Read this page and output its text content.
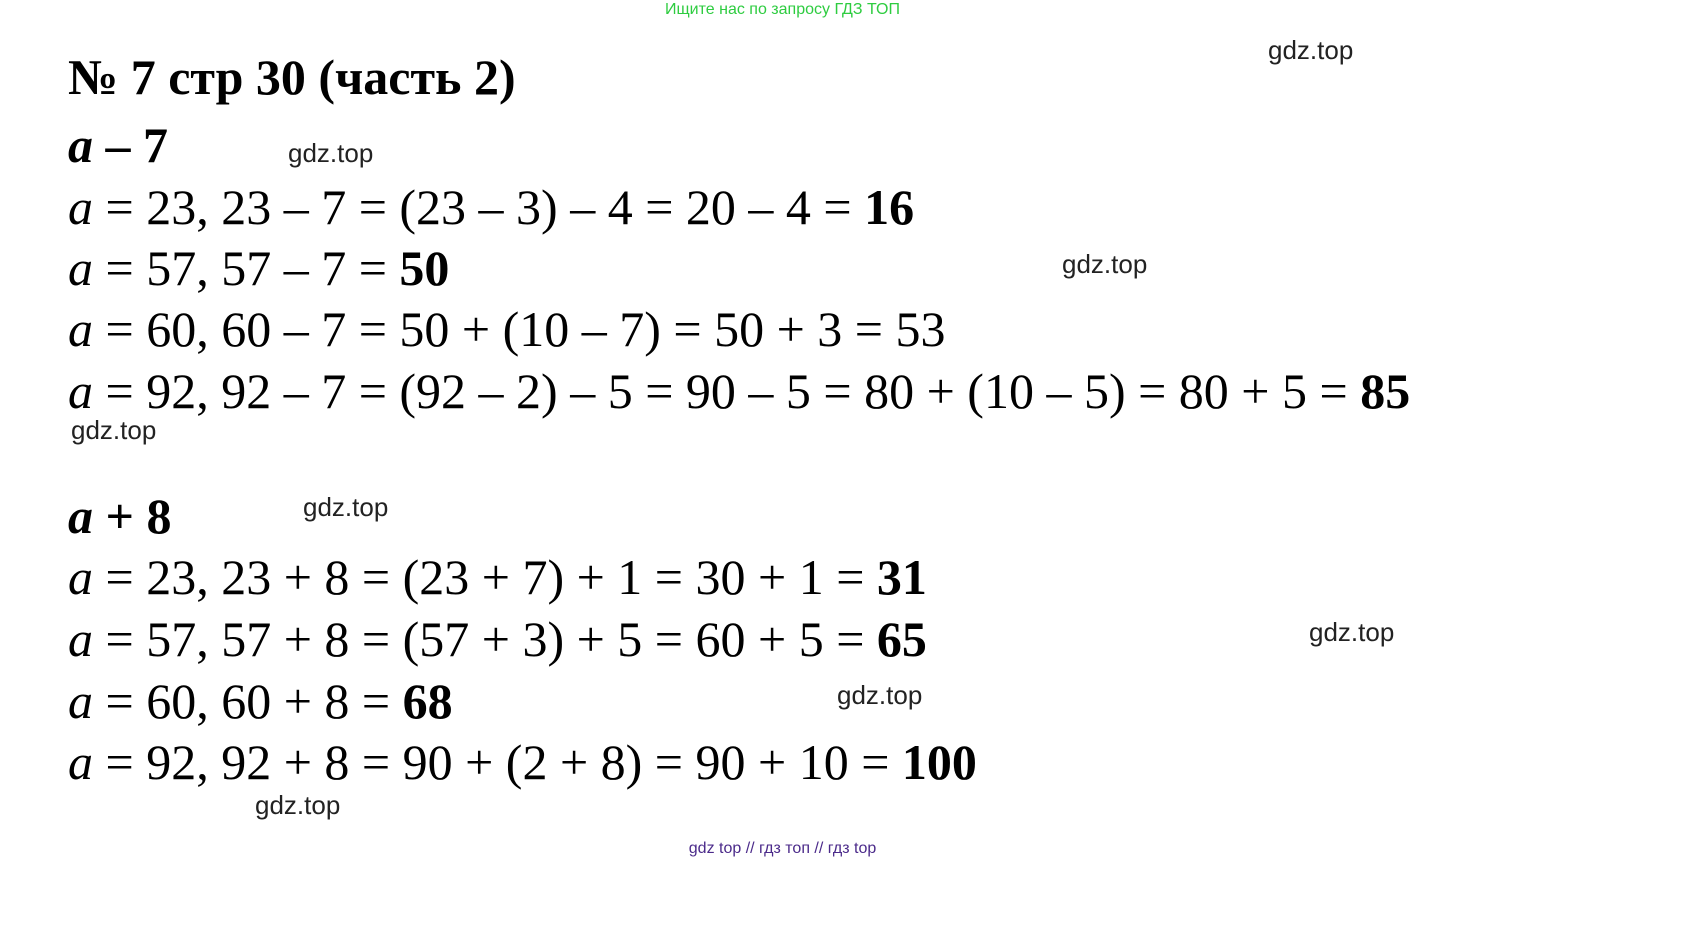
Ищите нас по запросу ГДЗ ТОП
№ 7 стр 30 (часть 2)
a – 7
a = 23, 23 – 7 = (23 – 3) – 4 = 20 – 4 = 16
a = 57, 57 – 7 = 50
a = 60, 60 – 7 = 50 + (10 – 7) = 50 + 3 = 53
a = 92, 92 – 7 = (92 – 2) – 5 = 90 – 5 = 80 + (10 – 5) = 80 + 5 = 85
a + 8
a = 23, 23 + 8 = (23 + 7) + 1 = 30 + 1 = 31
a = 57, 57 + 8 = (57 + 3) + 5 = 60 + 5 = 65
a = 60, 60 + 8 = 68
a = 92, 92 + 8 = 90 + (2 + 8) = 90 + 10 = 100
gdz.top
gdz.top
gdz.top
gdz.top
gdz.top
gdz.top
gdz.top
gdz.top
gdz top // гдз топ // гдз top
